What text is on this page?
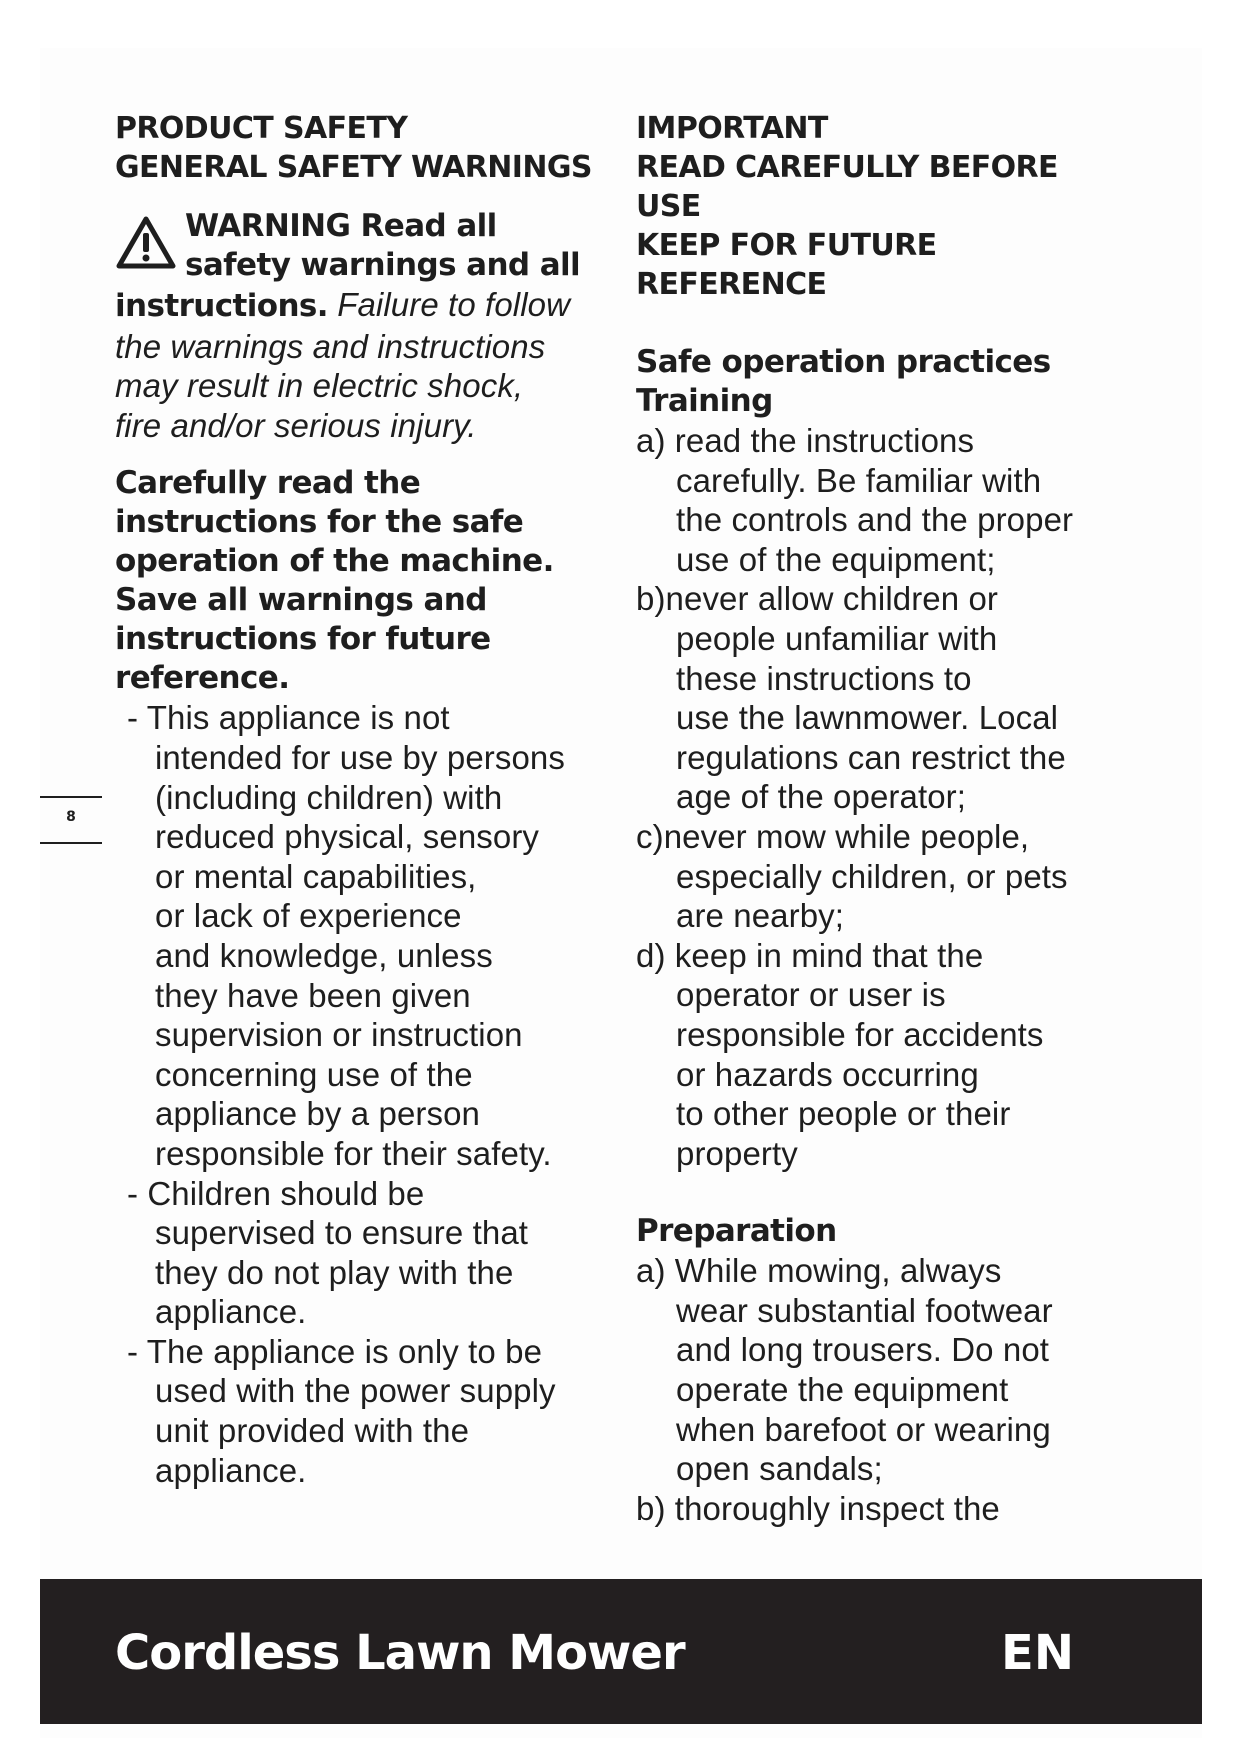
PRODUCT SAFETY

GENERAL SAFETY WARNINGS

WARNING Read all

safety warnings and all

instructions. Failure to follow

the warnings and instructions

may result in electric shock,

fire and/or serious injury.

Carefully read the

instructions for the safe

operation of the machine.

Save all warnings and

instructions for future

reference.

- This appliance is not

intended for use by persons

(including children) with

reduced physical, sensory

or mental capabilities,

or lack of experience

and knowledge, unless

they have been given

supervision or instruction

concerning use of the

appliance by a person

responsible for their safety.

- Children should be

supervised to ensure that

they do not play with the

appliance.

- The appliance is only to be

used with the power supply

unit provided with the

appliance.

IMPORTANT

READ CAREFULLY BEFORE

USE

KEEP FOR FUTURE

REFERENCE

Safe operation practices

Training

a) read the instructions

carefully. Be familiar with

the controls and the proper

use of the equipment;

b)never allow children or

people unfamiliar with

these instructions to

use the lawnmower. Local

regulations can restrict the

age of the operator;

c)never mow while people,

especially children, or pets

are nearby;

d) keep in mind that the

operator or user is

responsible for accidents

or hazards occurring

to other people or their

property

Preparation

a) While mowing, always

wear substantial footwear

and long trousers. Do not

operate the equipment

when barefoot or wearing

open sandals;

b) thoroughly inspect the

8
Cordless Lawn Mower	EN
